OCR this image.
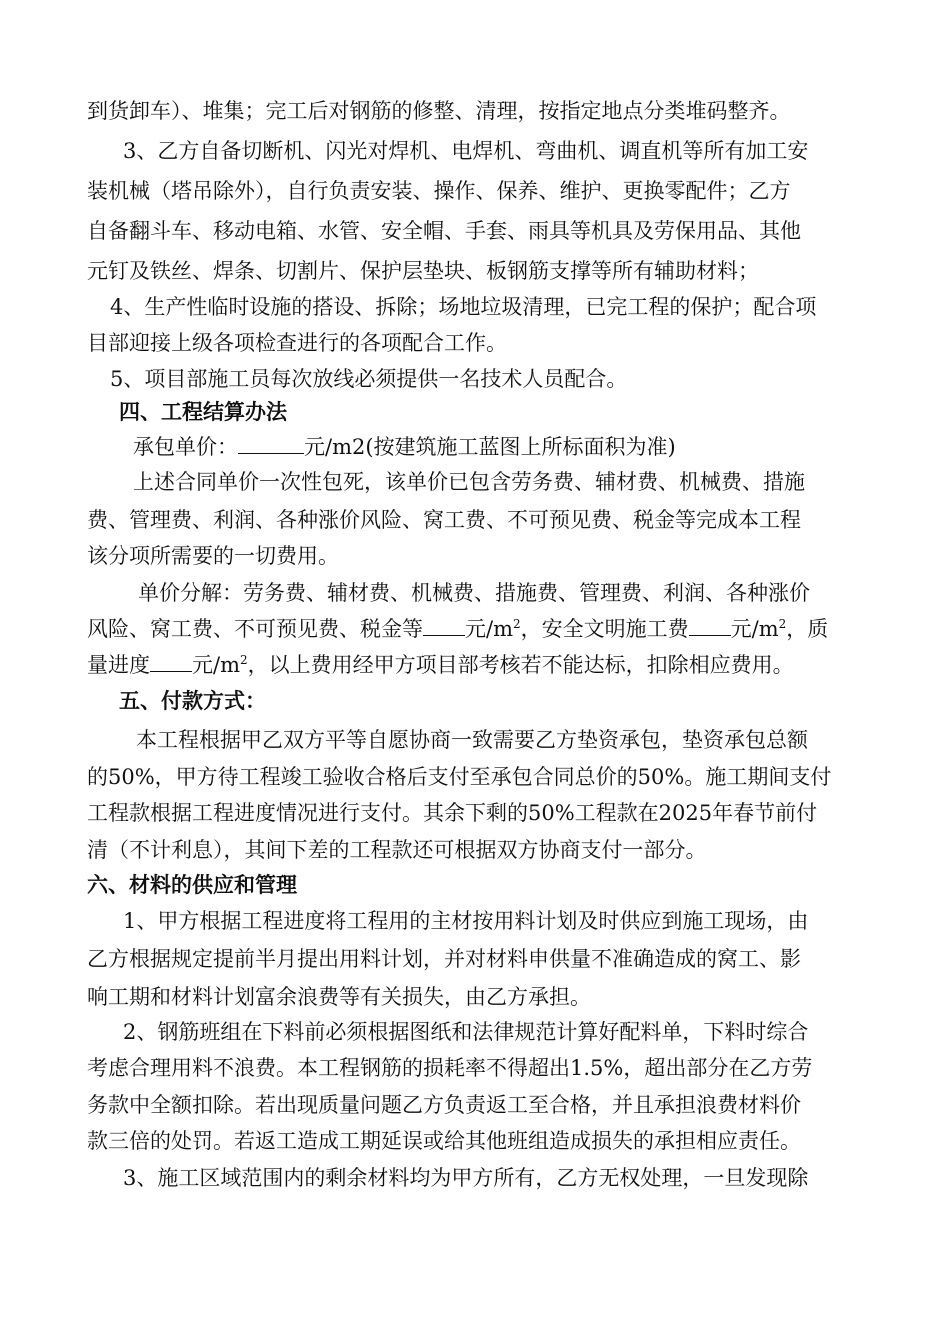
到货卸车）、堆集；完工后对钢筋的修整、清理，按指定地点分类堆码整齐。
3、乙方自备切断机、闪光对焊机、电焊机、弯曲机、调直机等所有加工安
装机械（塔吊除外），自行负责安装、操作、保养、维护、更换零配件；乙方
自备翻斗车、移动电箱、水管、安全帽、手套、雨具等机具及劳保用品、其他
元钉及铁丝、焊条、切割片、保护层垫块、板钢筋支撑等所有辅助材料；
4、生产性临时设施的搭设、拆除；场地垃圾清理，已完工程的保护；配合项
目部迎接上级各项检查进行的各项配合工作。
5、项目部施工员每次放线必须提供一名技术人员配合。
四、工程结算办法
承包单价：	元/m2(按建筑施工蓝图上所标面积为准)
上述合同单价一次性包死，该单价已包含劳务费、辅材费、机械费、措施
费、管理费、利润、各种涨价风险、窝工费、不可预见费、税金等完成本工程
该分项所需要的一切费用。
单价分解：劳务费、辅材费、机械费、措施费、管理费、利润、各种涨价
风险、窝工费、不可预见费、税金等 元$/m^2$，安全文明施工费 元$/m^2$，质
量进度 元$/m^2$，以上费用经甲方项目部考核若不能达标，扣除相应费用。
五、付款方式：
本工程根据甲乙双方平等自愿协商一致需要乙方垫资承包，垫资承包总额
的50%，甲方待工程竣工验收合格后支付至承包合同总价的50%。施工期间支付
工程款根据工程进度情况进行支付。其余下剩的50%工程款在2025年春节前付
清（不计利息），其间下差的工程款还可根据双方协商支付一部分。
六、材料的供应和管理
1、甲方根据工程进度将工程用的主材按用料计划及时供应到施工现场，由
乙方根据规定提前半月提出用料计划，并对材料申供量不准确造成的窝工、影
响工期和材料计划富余浪费等有关损失，由乙方承担。
2、钢筋班组在下料前必须根据图纸和法律规范计算好配料单，下料时综合
考虑合理用料不浪费。本工程钢筋的损耗率不得超出1.5%，超出部分在乙方劳
务款中全额扣除。若出现质量问题乙方负责返工至合格，并且承担浪费材料价
款三倍的处罚。若返工造成工期延误或给其他班组造成损失的承担相应责任。
3、施工区域范围内的剩余材料均为甲方所有，乙方无权处理，一旦发现除
